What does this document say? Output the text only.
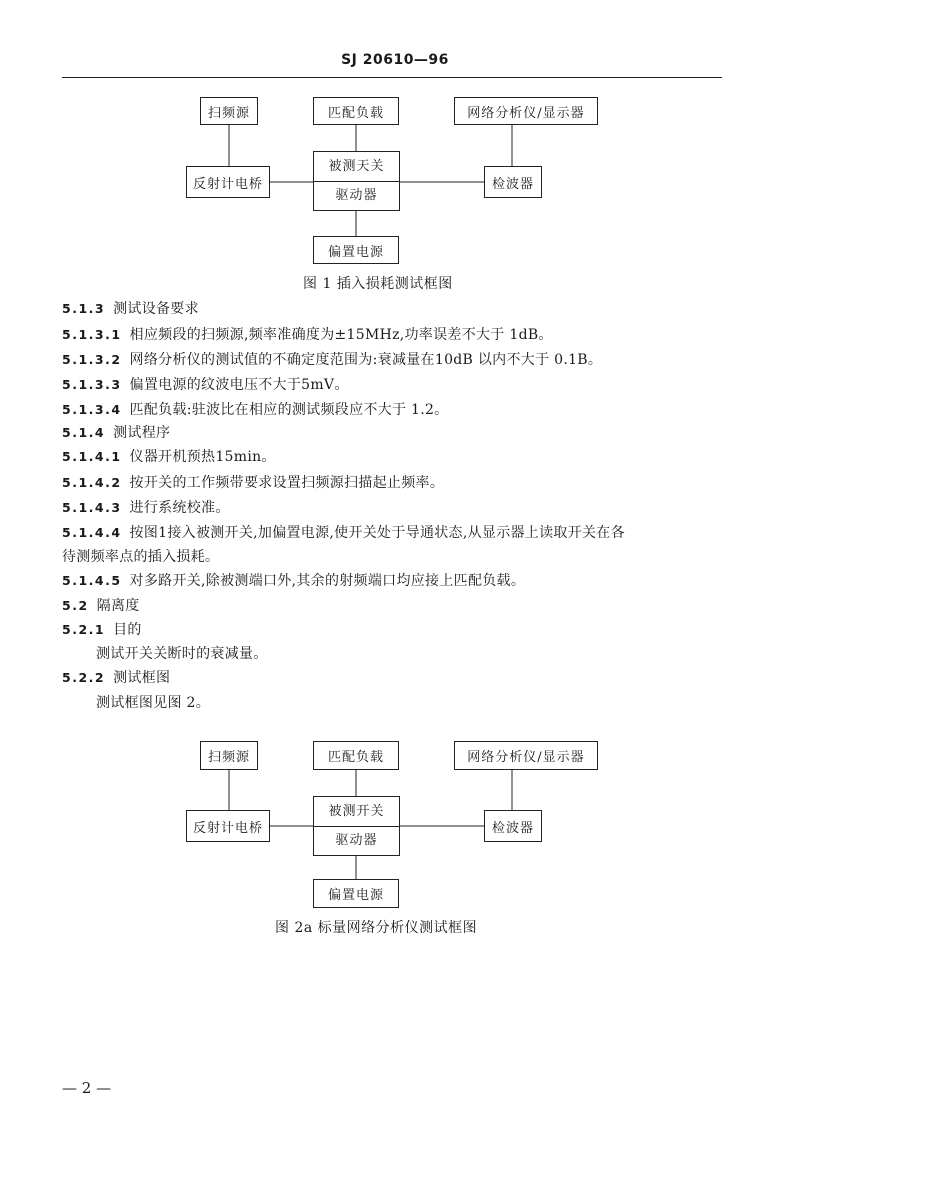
SJ 20610—96
扫频源	匹配负载	网络分析仪/显示器
反射计电桥
被测天关
驱动器
检波器
偏置电源
图 1 插入损耗测试框图
5.1.3 测试设备要求
5.1.3.1 相应频段的扫频源,频率准确度为±15MHz,功率误差不大于 1dB。
5.1.3.2 网络分析仪的测试值的不确定度范围为:衰减量在10dB 以内不大于 0.1B。
5.1.3.3 偏置电源的纹波电压不大于5mV。
5.1.3.4 匹配负载:驻波比在相应的测试频段应不大于 1.2。
5.1.4 测试程序
5.1.4.1 仪器开机预热15min。
5.1.4.2 按开关的工作频带要求设置扫频源扫描起止频率。
5.1.4.3 进行系统校准。
5.1.4.4 按图1接入被测开关,加偏置电源,使开关处于导通状态,从显示器上读取开关在各
待测频率点的插入损耗。
5.1.4.5 对多路开关,除被测端口外,其余的射频端口均应接上匹配负载。
5.2 隔离度
5.2.1 目的
测试开关关断时的衰减量。
5.2.2 测试框图
测试框图见图 2。
扫频源	匹配负载	网络分析仪/显示器
反射计电桥
被测开关
驱动器
检波器
偏置电源
图 2a 标量网络分析仪测试框图
— 2 —
